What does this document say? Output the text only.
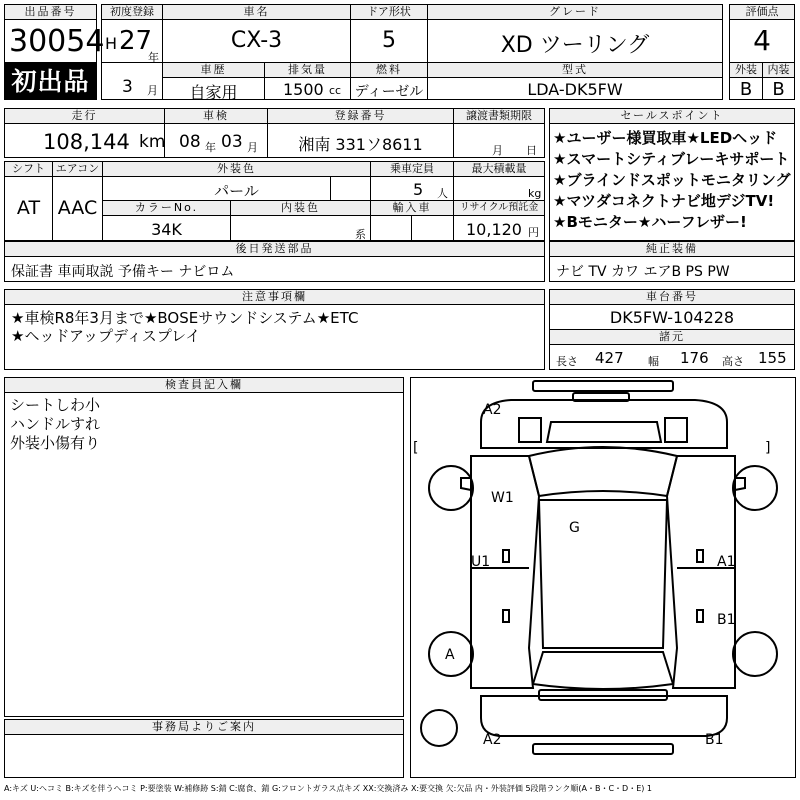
出品番号
30054
初出品
初度登録
H 27
年
3 月
車名
CX-3
ドア形状
5
グレード
XD ツーリング
評価点
4
外装 内装
B	B
車歴
自家用
排気量
1500 cc
燃料
ディーゼル
型式
LDA-DK5FW
走行
108,144 km
車検
08 年 03 月
登録番号
湘南 331ソ8611
譲渡書類期限
月 日
セールスポイント
★ユーザー様買取車★LEDヘッド
★スマートシティブレーキサポート
★ブラインドスポットモニタリング
★マツダコネクトナビ地デジTV!
★Bモニター★ハーフレザー!
シフト
AT
エアコン
AAC
外装色
パール
乗車定員
5 人
最大積載量
kg
カラーNo.
34K
内装色
系
輸入車	リサイクル預託金
10,120 円
後日発送部品
保証書 車両取説 予備キー ナビロム
純正装備
ナビ TV カワ エアB PS PW
注意事項欄
★車検R8年3月まで★BOSEサウンドシステム★ETC
★ヘッドアップディスプレイ
車台番号
DK5FW-104228
諸元
長さ 427 幅 176 高さ 155
検査員記入欄
シートしわ小
ハンドルすれ
外装小傷有り
事務局よりご案内
A2
W1
G
U1	A1
B1
A
A2	B1
[	]
A:キズ U:ヘコミ B:キズを伴うヘコミ P:要塗装 W:補修跡 S:錆 C:腐食、錆 G:フロントガラス点キズ XX:交換済み X:要交換 欠:欠品 内・外装評価 5段階ランク順(A・B・C・D・E) 1
